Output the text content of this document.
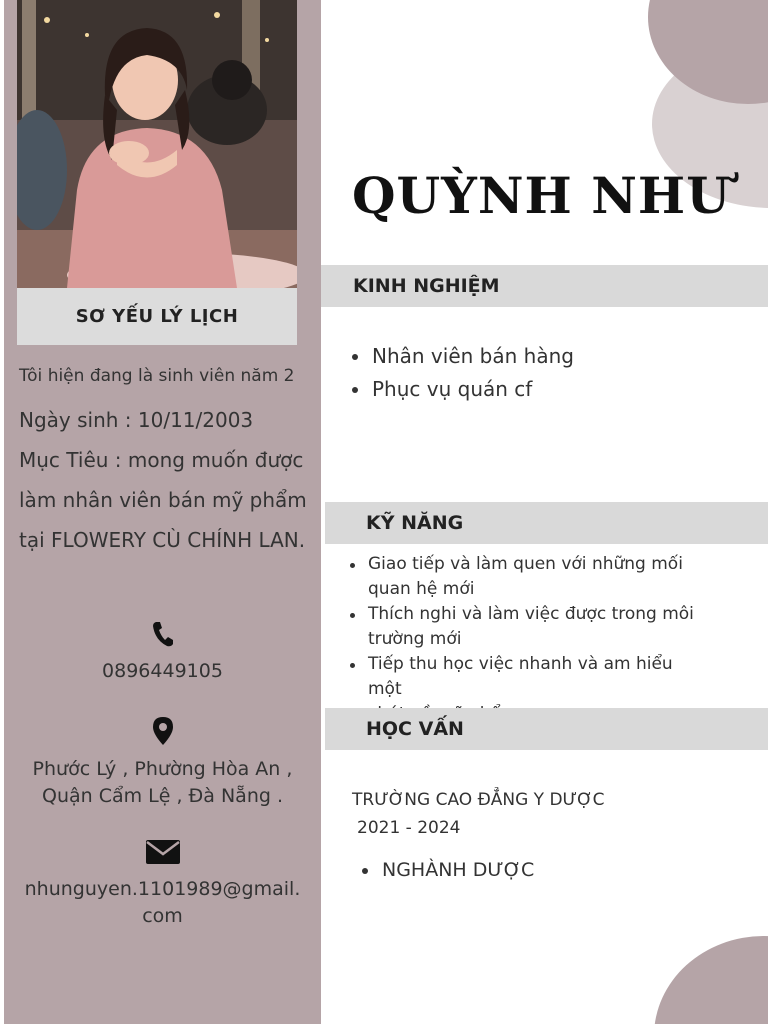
SƠ YẾU LÝ LỊCH
Tôi hiện đang là sinh viên năm 2
Ngày sinh : 10/11/2003
Mục Tiêu : mong muốn được
làm nhân viên bán mỹ phẩm
tại FLOWERY CÙ CHÍNH LAN.
0896449105
Phước Lý , Phường Hòa An ,
Quận Cẩm Lệ , Đà Nẵng .
nhunguyen.1101989@gmail.
com
QUỲNH NHƯ
KINH NGHIỆM
Nhân viên bán hàng
Phục vụ quán cf
KỸ NĂNG
Giao tiếp và làm quen với những mối
quan hệ mới
Thích nghi và làm việc được trong môi
trường mới
Tiếp thu học việc nhanh và am hiểu một
HỌC VẤN
TRƯỜNG CAO ĐẲNG Y DƯỢC
2021 - 2024
NGHÀNH DƯỢC
